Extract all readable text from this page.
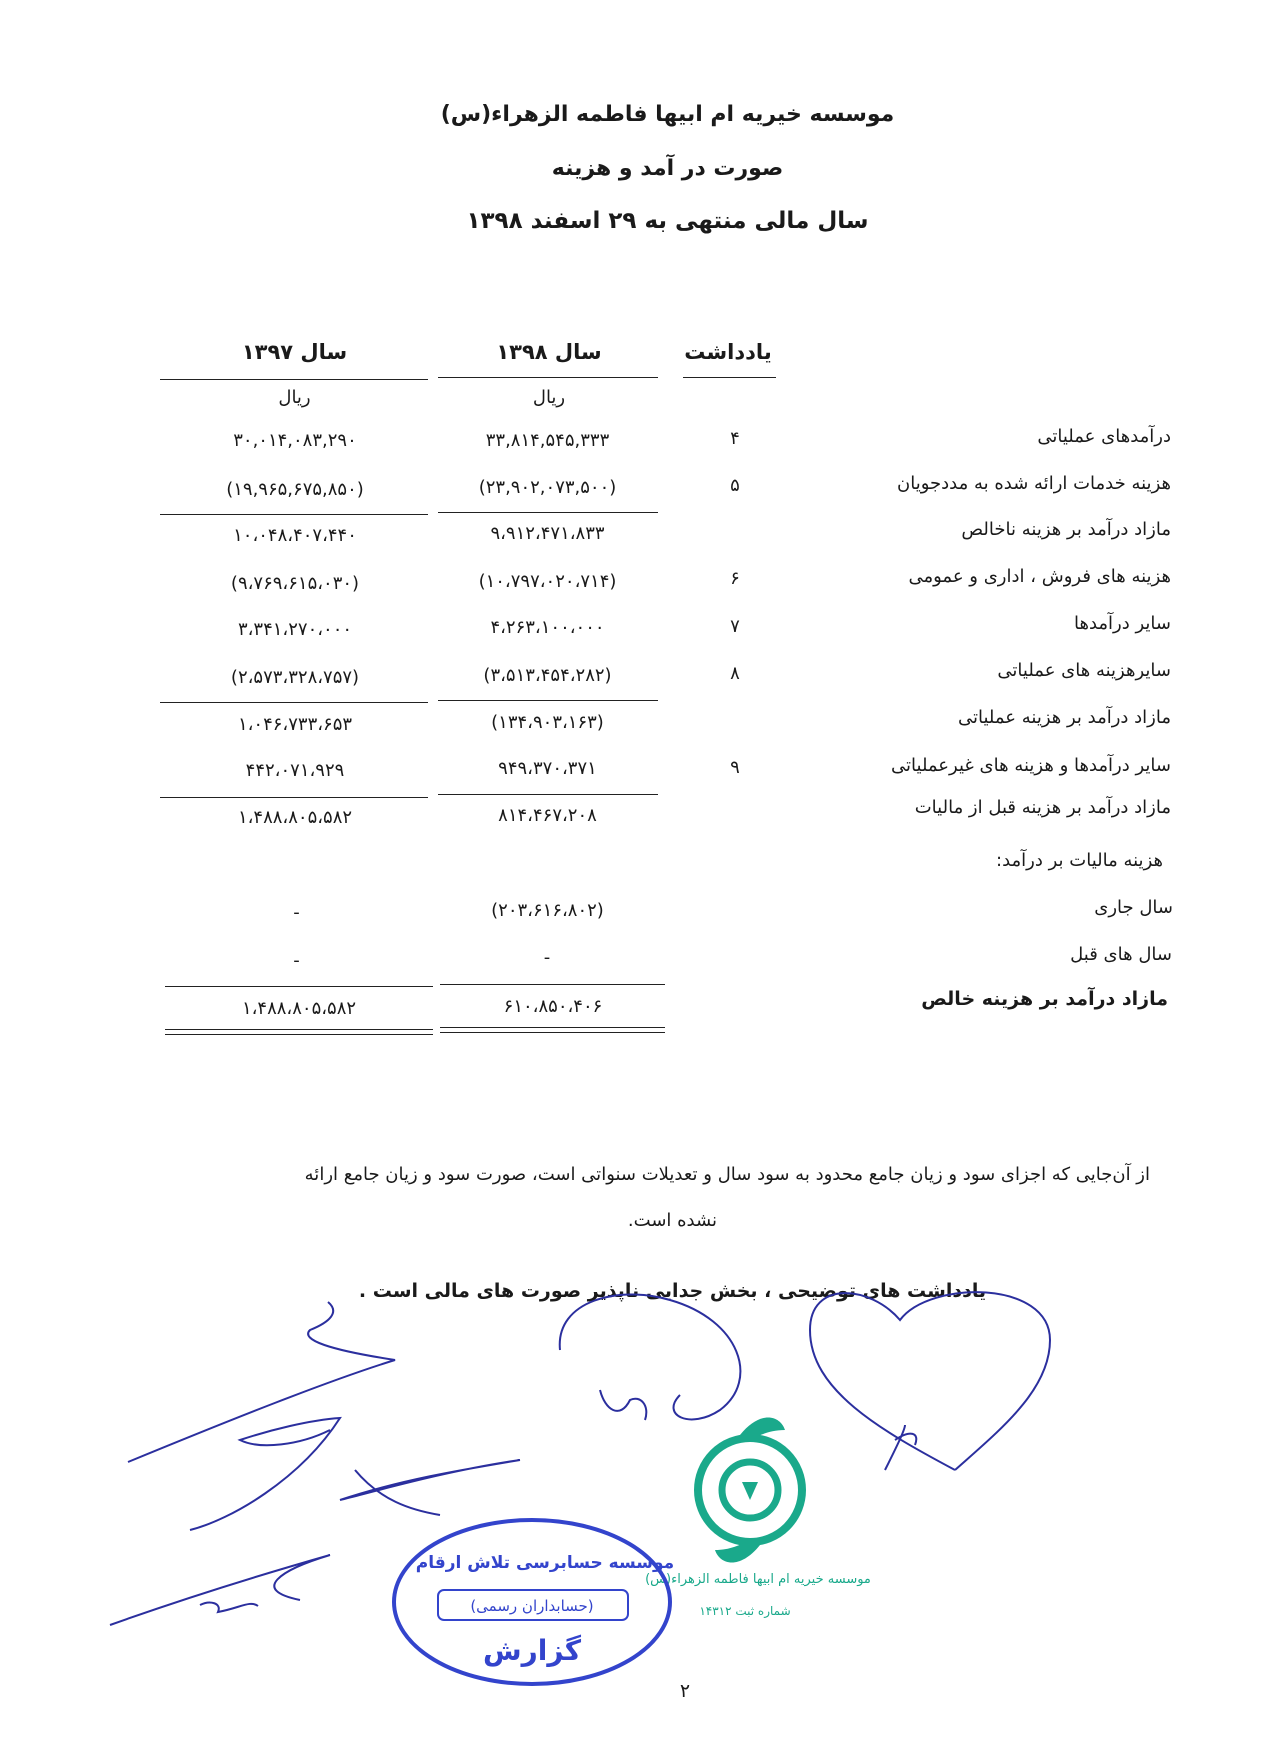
موسسه خیریه ام ابیها فاطمه الزهراء(س)
صورت در آمد و هزینه
سال مالی منتهی به ۲۹ اسفند ۱۳۹۸
یادداشت
سال ۱۳۹۸
سال ۱۳۹۷
ریال
ریال
درآمدهای عملیاتی
۴
۳۳,۸۱۴,۵۴۵,۳۳۳
۳۰,۰۱۴,۰۸۳,۲۹۰
هزینه خدمات ارائه شده به مددجویان
۵
(۲۳,۹۰۲,۰۷۳,۵۰۰)
(۱۹,۹۶۵,۶۷۵,۸۵۰)
مازاد درآمد بر هزینه ناخالص
۹،۹۱۲،۴۷۱،۸۳۳
۱۰،۰۴۸،۴۰۷،۴۴۰
هزینه های فروش ، اداری و عمومی
۶
(۱۰،۷۹۷،۰۲۰،۷۱۴)
(۹،۷۶۹،۶۱۵،۰۳۰)
سایر درآمدها
۷
۴،۲۶۳،۱۰۰،۰۰۰
۳،۳۴۱،۲۷۰،۰۰۰
سایرهزینه های عملیاتی
۸
(۳،۵۱۳،۴۵۴،۲۸۲)
(۲،۵۷۳،۳۲۸،۷۵۷)
مازاد درآمد بر هزینه عملیاتی
(۱۳۴،۹۰۳،۱۶۳)
۱،۰۴۶،۷۳۳،۶۵۳
سایر درآمدها و هزینه های غیرعملیاتی
۹
۹۴۹،۳۷۰،۳۷۱
۴۴۲،۰۷۱،۹۲۹
مازاد درآمد بر هزینه قبل از مالیات
۸۱۴،۴۶۷،۲۰۸
۱،۴۸۸،۸۰۵،۵۸۲
هزینه مالیات بر درآمد:
سال جاری
(۲۰۳،۶۱۶،۸۰۲)
-
سال های قبل
-
-
مازاد درآمد بر هزینه خالص
۶۱۰،۸۵۰،۴۰۶
۱،۴۸۸،۸۰۵،۵۸۲
از آن‌جایی که اجزای سود و زیان جامع محدود به سود سال و تعدیلات سنواتی است، صورت سود و زیان جامع ارائه
نشده است.
یادداشت های توضیحی ، بخش جدایی ناپذیر صورت های مالی است .
موسسه خیریه ام ابیها فاطمه الزهراء(س)
شماره ثبت ۱۴۳۱۲
موسسه حسابرسی تلاش ارقام
(حسابداران رسمی)
گزارش
۲
